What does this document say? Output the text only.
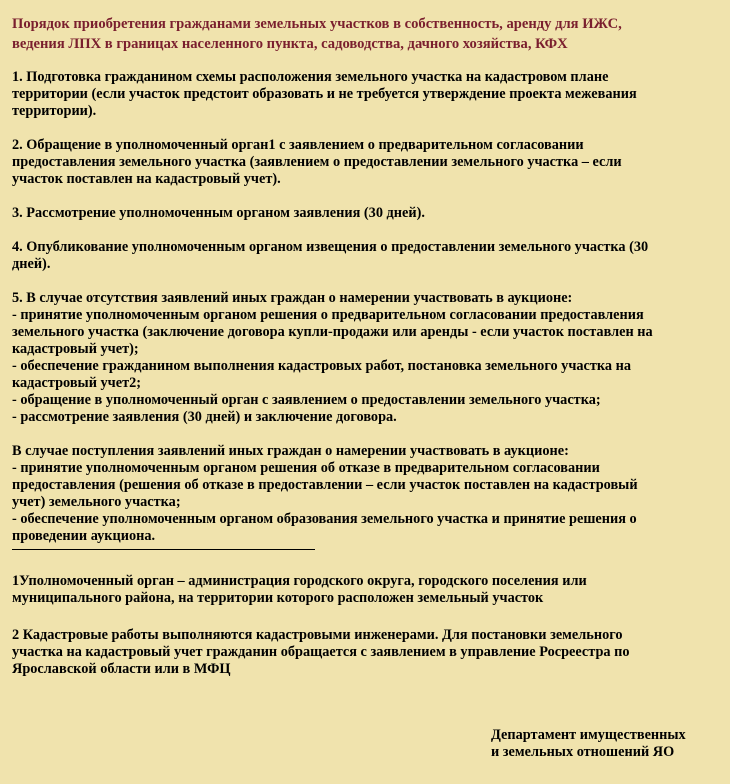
Порядок приобретения гражданами земельных участков в собственность, аренду для ИЖС,
ведения ЛПХ в границах населенного пункта, садоводства, дачного хозяйства, КФХ
1. Подготовка гражданином схемы расположения земельного участка на кадастровом плане
территории (если участок предстоит образовать и не требуется утверждение проекта межевания
территории).
2. Обращение в уполномоченный орган1 с заявлением о предварительном согласовании
предоставления земельного участка (заявлением о предоставлении земельного участка – если
участок поставлен на кадастровый учет).
3. Рассмотрение уполномоченным органом заявления (30 дней).
4. Опубликование уполномоченным органом извещения о предоставлении земельного участка (30
дней).
5. В случае отсутствия заявлений иных граждан о намерении участвовать в аукционе:
- принятие уполномоченным органом решения о предварительном согласовании предоставления
земельного участка (заключение договора купли-продажи или аренды - если участок поставлен на
кадастровый учет);
- обеспечение гражданином выполнения кадастровых работ, постановка земельного участка на
кадастровый учет2;
- обращение в уполномоченный орган с заявлением о предоставлении земельного участка;
- рассмотрение заявления (30 дней) и заключение договора.
В случае поступления заявлений иных граждан о намерении участвовать в аукционе:
- принятие уполномоченным органом решения об отказе в предварительном согласовании
предоставления (решения об отказе в предоставлении – если участок поставлен на кадастровый
учет) земельного участка;
- обеспечение уполномоченным органом образования земельного участка и принятие решения о
проведении аукциона.
1Уполномоченный орган – администрация городского округа, городского поселения или
муниципального района, на территории которого расположен земельный участок
2 Кадастровые работы выполняются кадастровыми инженерами. Для постановки земельного
участка на кадастровый учет гражданин обращается с заявлением в управление Росреестра по
Ярославской области или в МФЦ
Департамент имущественных
и земельных отношений ЯО
